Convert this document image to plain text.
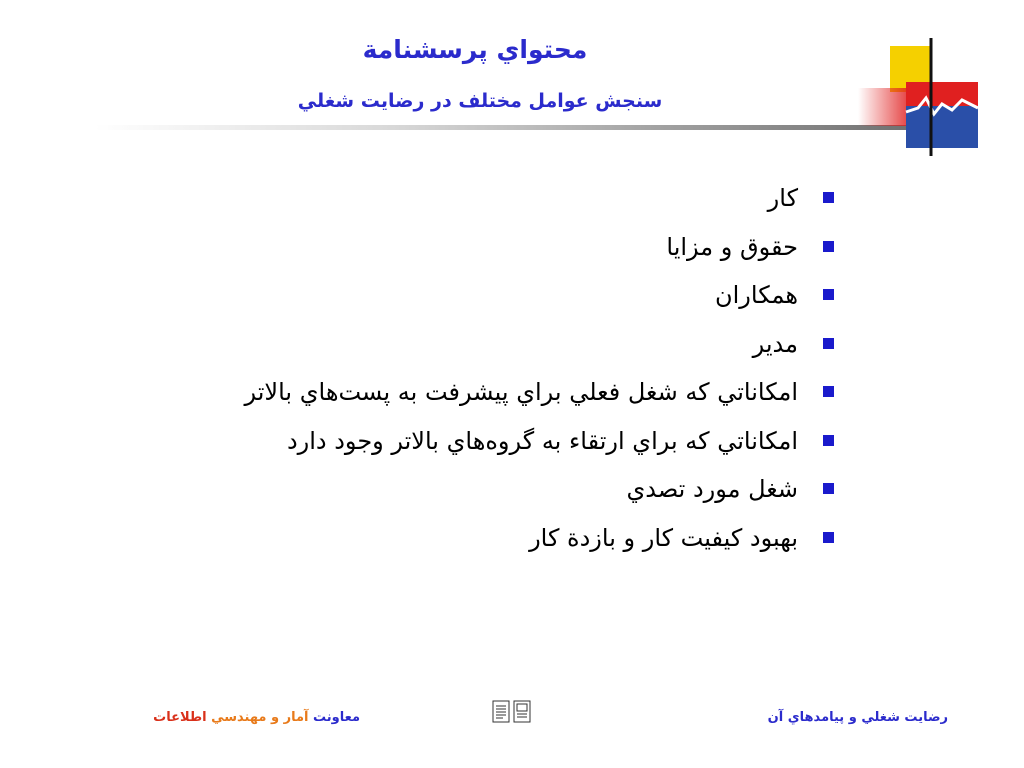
محتواي پرسشنامة
سنجش عوامل مختلف در رضايت شغلي
كار
حقوق و مزايا
همكاران
مدير
امكاناتي كه شغل فعلي براي پيشرفت به پست‌هاي بالاتر
امكاناتي كه براي ارتقاء به گروه‌هاي بالاتر وجود دارد
شغل مورد تصدي
بهبود كيفيت كار و بازدة كار
معاونت آمار و مهندسي اطلاعات	رضايت شغلي و پيامدهاي آن
